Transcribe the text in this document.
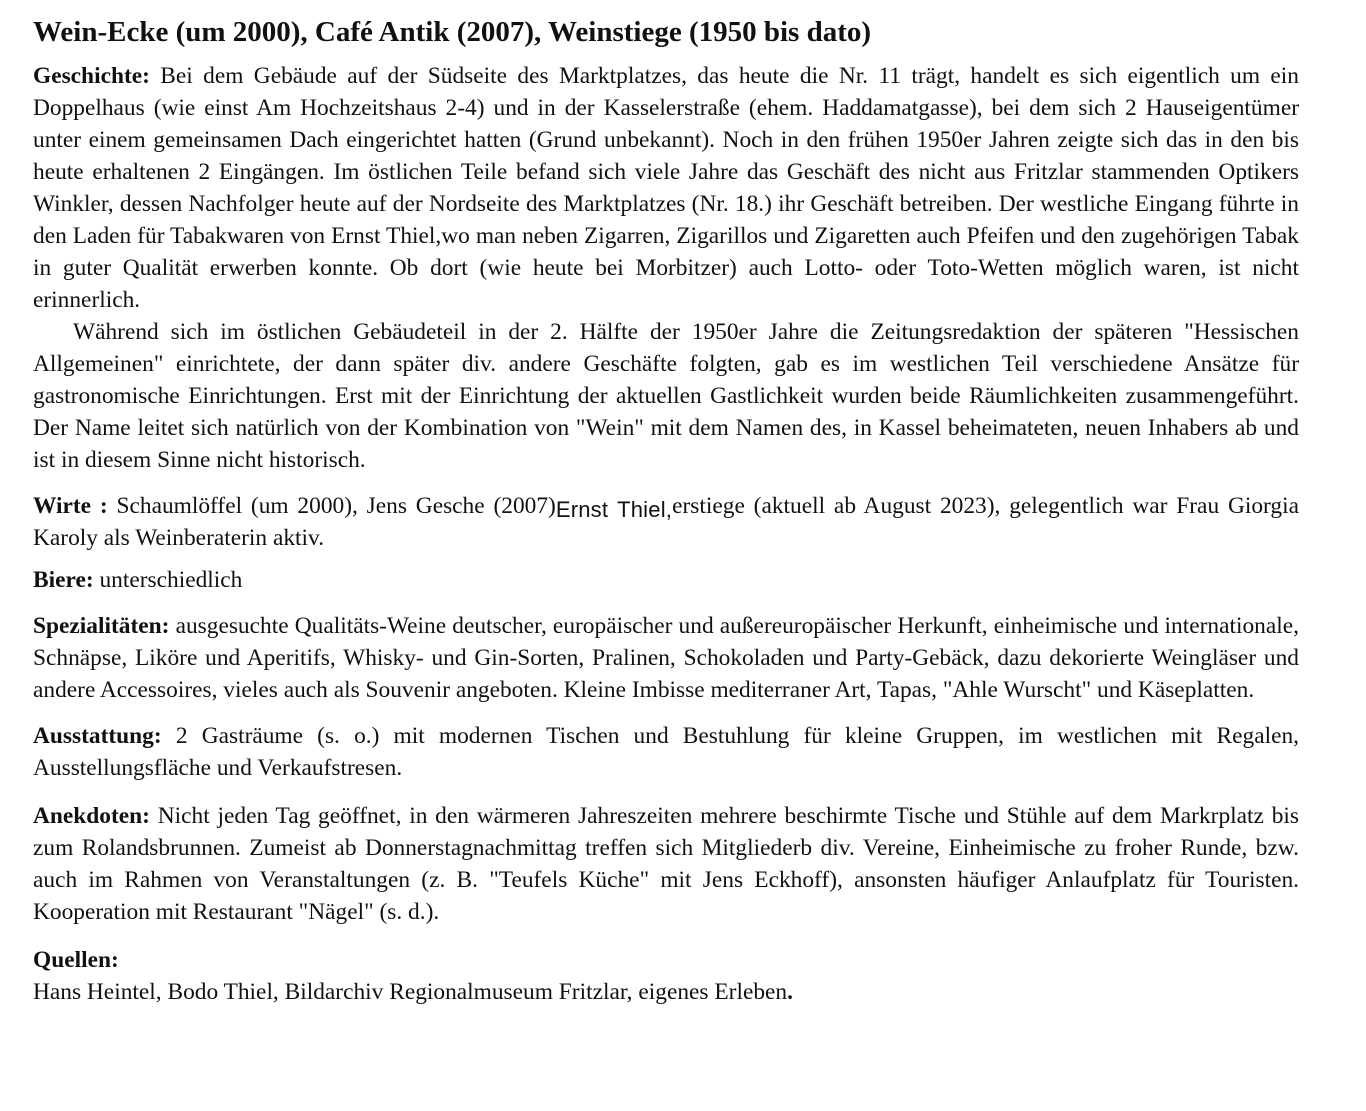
Wein-Ecke (um 2000), Café Antik (2007), Weinstiege (1950 bis dato)

Geschichte: Bei dem Gebäude auf der Südseite des Marktplatzes, das heute die Nr. 11 trägt, handelt es sich eigentlich um ein Doppelhaus (wie einst Am Hochzeitshaus 2-4) und in der Kasselerstraße (ehem. Haddamatgasse), bei dem sich 2 Hauseigentümer unter einem gemeinsamen Dach eingerichtet hatten (Grund unbekannt). Noch in den frühen 1950er Jahren zeigte sich das in den bis heute erhaltenen 2 Eingängen. Im östlichen Teile befand sich viele Jahre das Geschäft des nicht aus Fritzlar stammenden Optikers Winkler, dessen Nachfolger heute auf der Nordseite des Marktplatzes (Nr. 18.) ihr Geschäft betreiben. Der westliche Eingang führte in den Laden für Tabakwaren von Ernst Thiel,wo man neben Zigarren, Zigarillos und Zigaretten auch Pfeifen und den zugehörigen Tabak in guter Qualität erwerben konnte. Ob dort (wie heute bei Morbitzer) auch Lotto- oder Toto-Wetten möglich waren, ist nicht erinnerlich.

Während sich im östlichen Gebäudeteil in der 2. Hälfte der 1950er Jahre die Zeitungsredaktion der späteren "Hessischen Allgemeinen" einrichtete, der dann später div. andere Geschäfte folgten, gab es im westlichen Teil verschiedene Ansätze für gastronomische Einrichtungen. Erst mit der Einrichtung der aktuellen Gastlichkeit wurden beide Räumlichkeiten zusammengeführt. Der Name leitet sich natürlich von der Kombination von "Wein" mit dem Namen des, in Kassel beheimateten, neuen Inhabers ab und ist in diesem Sinne nicht historisch.

Wirte : Schaumlöffel (um 2000), Jens Gesche (2007)Ernst Thiel,erstiege (aktuell ab August 2023), gelegentlich war Frau Giorgia Karoly als Weinberaterin aktiv.

Biere: unterschiedlich

Spezialitäten: ausgesuchte Qualitäts-Weine deutscher, europäischer und außereuropäischer Herkunft, einheimische und internationale, Schnäpse, Liköre und Aperitifs, Whisky- und Gin-Sorten, Pralinen, Schokoladen und Party-Gebäck, dazu dekorierte Weingläser und andere Accessoires, vieles auch als Souvenir angeboten. Kleine Imbisse mediterraner Art, Tapas, "Ahle Wurscht" und Käseplatten.

Ausstattung: 2 Gasträume (s. o.) mit modernen Tischen und Bestuhlung für kleine Gruppen, im westlichen mit Regalen, Ausstellungsfläche und Verkaufstresen.

Anekdoten: Nicht jeden Tag geöffnet, in den wärmeren Jahreszeiten mehrere beschirmte Tische und Stühle auf dem Markrplatz bis zum Rolandsbrunnen. Zumeist ab Donnerstagnachmittag treffen sich Mitgliederb div. Vereine, Einheimische zu froher Runde, bzw. auch im Rahmen von Veranstaltungen (z. B. "Teufels Küche" mit Jens Eckhoff), ansonsten häufiger Anlaufplatz für Touristen. Kooperation mit Restaurant "Nägel" (s. d.).

Quellen:
Hans Heintel, Bodo Thiel, Bildarchiv Regionalmuseum Fritzlar, eigenes Erleben.
